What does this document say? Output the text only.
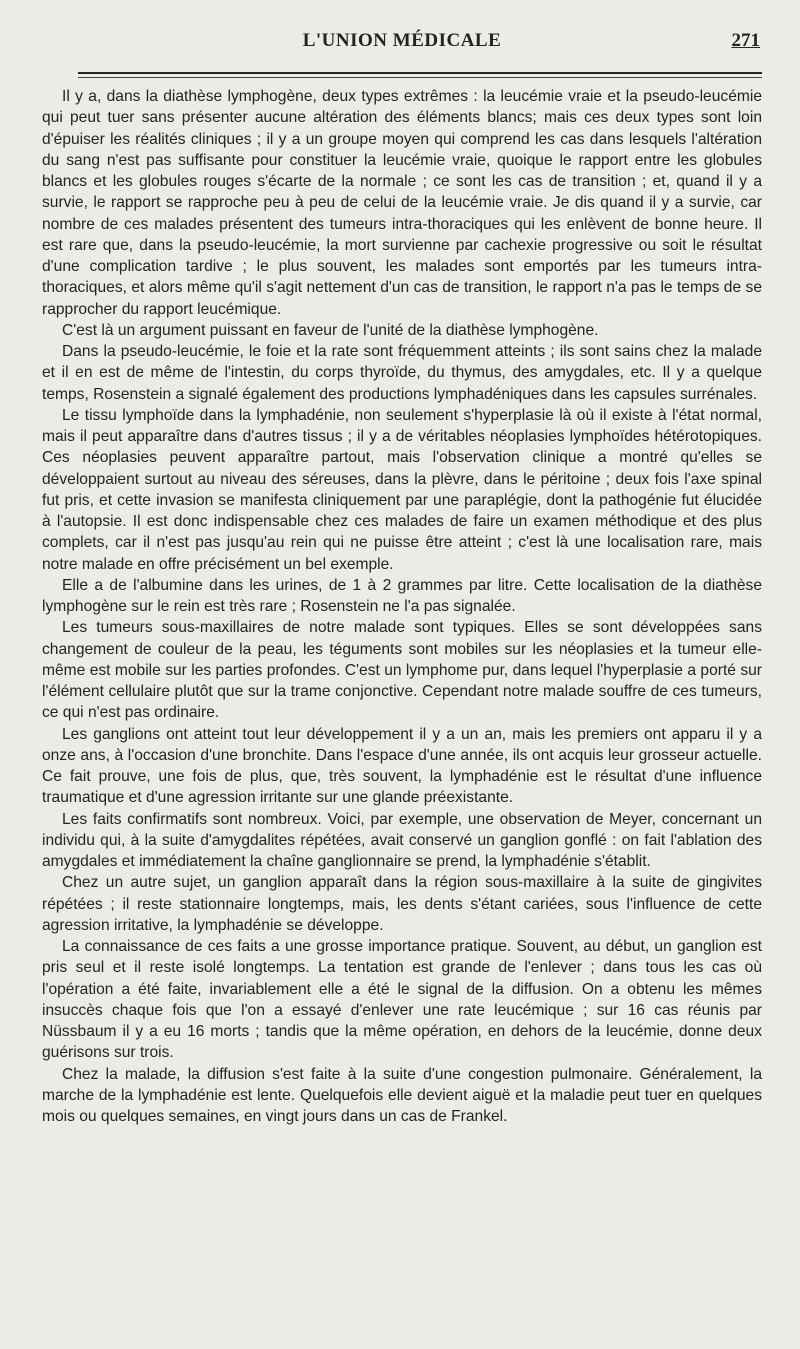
L'UNION MÉDICALE	271

Il y a, dans la diathèse lymphogène, deux types extrêmes : la leucémie vraie et la pseudo-leucémie qui peut tuer sans présenter aucune altération des éléments blancs; mais ces deux types sont loin d'épuiser les réalités cliniques ; il y a un groupe moyen qui comprend les cas dans lesquels l'altération du sang n'est pas suffisante pour constituer la leucémie vraie, quoique le rapport entre les globules blancs et les globules rouges s'écarte de la normale ; ce sont les cas de transition ; et, quand il y a survie, le rapport se rapproche peu à peu de celui de la leucémie vraie. Je dis quand il y a survie, car nombre de ces malades présentent des tumeurs intra-thoraciques qui les enlèvent de bonne heure. Il est rare que, dans la pseudo-leucémie, la mort survienne par cachexie progressive ou soit le résultat d'une complication tardive ; le plus souvent, les malades sont emportés par les tumeurs intra-thoraciques, et alors même qu'il s'agit nettement d'un cas de transition, le rapport n'a pas le temps de se rapprocher du rapport leucémique.

C'est là un argument puissant en faveur de l'unité de la diathèse lymphogène.

Dans la pseudo-leucémie, le foie et la rate sont fréquemment atteints ; ils sont sains chez la malade et il en est de même de l'intestin, du corps thyroïde, du thymus, des amygdales, etc. Il y a quelque temps, Rosenstein a signalé également des productions lymphadéniques dans les capsules surrénales.

Le tissu lymphoïde dans la lymphadénie, non seulement s'hyperplasie là où il existe à l'état normal, mais il peut apparaître dans d'autres tissus ; il y a de véritables néoplasies lymphoïdes hétérotopiques. Ces néoplasies peuvent apparaître partout, mais l'observation clinique a montré qu'elles se développaient surtout au niveau des séreuses, dans la plèvre, dans le péritoine ; deux fois l'axe spinal fut pris, et cette invasion se manifesta cliniquement par une paraplégie, dont la pathogénie fut élucidée à l'autopsie. Il est donc indispensable chez ces malades de faire un examen méthodique et des plus complets, car il n'est pas jusqu'au rein qui ne puisse être atteint ; c'est là une localisation rare, mais notre malade en offre précisément un bel exemple.

Elle a de l'albumine dans les urines, de 1 à 2 grammes par litre. Cette localisation de la diathèse lymphogène sur le rein est très rare ; Rosenstein ne l'a pas signalée.

Les tumeurs sous-maxillaires de notre malade sont typiques. Elles se sont développées sans changement de couleur de la peau, les téguments sont mobiles sur les néoplasies et la tumeur elle-même est mobile sur les parties profondes. C'est un lymphome pur, dans lequel l'hyperplasie a porté sur l'élément cellulaire plutôt que sur la trame conjonctive. Cependant notre malade souffre de ces tumeurs, ce qui n'est pas ordinaire.

Les ganglions ont atteint tout leur développement il y a un an, mais les premiers ont apparu il y a onze ans, à l'occasion d'une bronchite. Dans l'espace d'une année, ils ont acquis leur grosseur actuelle. Ce fait prouve, une fois de plus, que, très souvent, la lymphadénie est le résultat d'une influence traumatique et d'une agression irritante sur une glande préexistante.

Les faits confirmatifs sont nombreux. Voici, par exemple, une observation de Meyer, concernant un individu qui, à la suite d'amygdalites répétées, avait conservé un ganglion gonflé : on fait l'ablation des amygdales et immédiatement la chaîne ganglionnaire se prend, la lymphadénie s'établit.

Chez un autre sujet, un ganglion apparaît dans la région sous-maxillaire à la suite de gingivites répétées ; il reste stationnaire longtemps, mais, les dents s'étant cariées, sous l'influence de cette agression irritative, la lymphadénie se développe.

La connaissance de ces faits a une grosse importance pratique. Souvent, au début, un ganglion est pris seul et il reste isolé longtemps. La tentation est grande de l'enlever ; dans tous les cas où l'opération a été faite, invariablement elle a été le signal de la diffusion. On a obtenu les mêmes insuccès chaque fois que l'on a essayé d'enlever une rate leucémique ; sur 16 cas réunis par Nüssbaum il y a eu 16 morts ; tandis que la même opération, en dehors de la leucémie, donne deux guérisons sur trois.

Chez la malade, la diffusion s'est faite à la suite d'une congestion pulmonaire. Généralement, la marche de la lymphadénie est lente. Quelquefois elle devient aiguë et la maladie peut tuer en quelques mois ou quelques semaines, en vingt jours dans un cas de Frankel.
